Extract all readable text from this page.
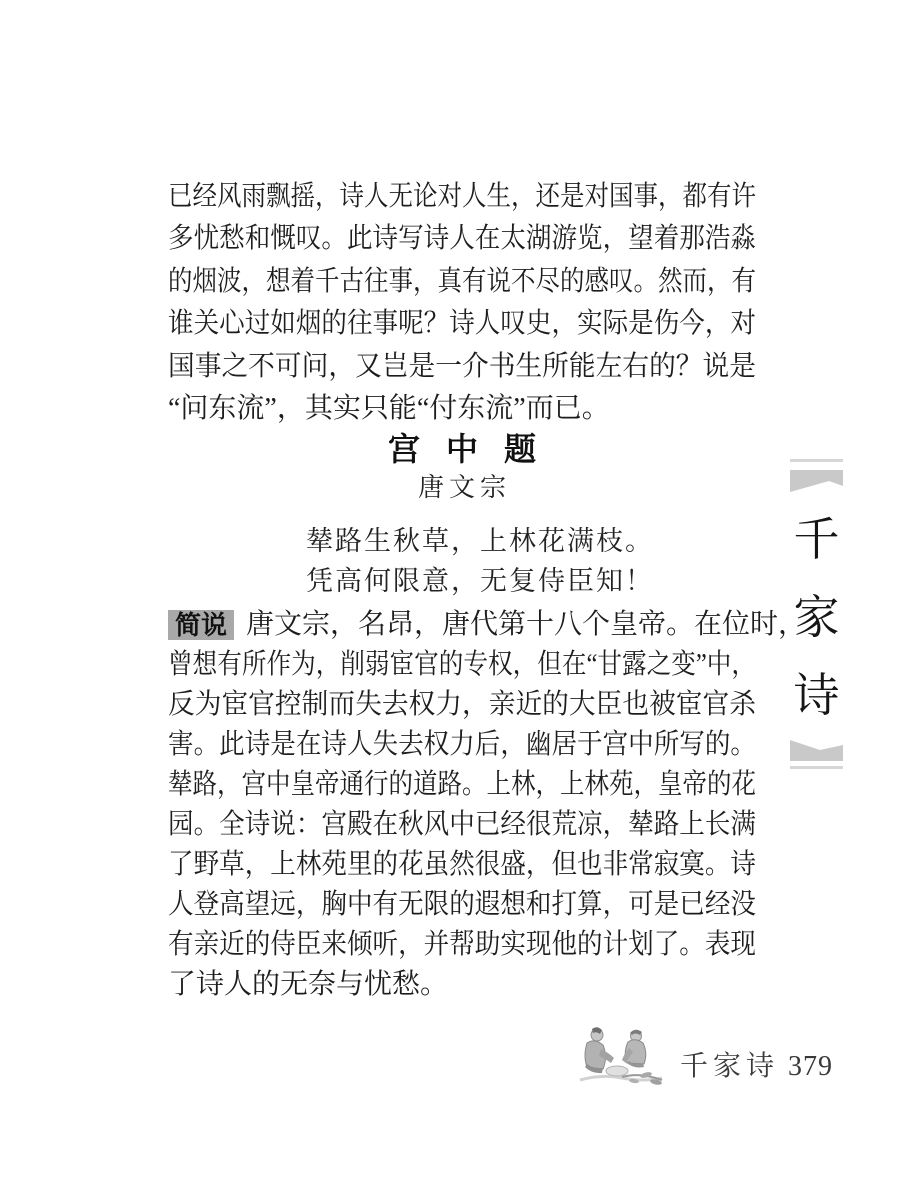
已经风雨飘摇，诗人无论对人生，还是对国事，都有许
多忧愁和慨叹。此诗写诗人在太湖游览，望着那浩淼
的烟波，想着千古往事，真有说不尽的感叹。然而，有
谁关心过如烟的往事呢？诗人叹史，实际是伤今，对
国事之不可问，又岂是一介书生所能左右的？说是
“问东流”，其实只能“付东流”而已。
宫中题
唐文宗
辇路生秋草，上林花满枝。
凭高何限意，无复侍臣知！
简说 唐文宗，名昂，唐代第十八个皇帝。在位时，
曾想有所作为，削弱宦官的专权，但在“甘露之变”中，
反为宦官控制而失去权力，亲近的大臣也被宦官杀
害。此诗是在诗人失去权力后，幽居于宫中所写的。
辇路，宫中皇帝通行的道路。上林，上林苑，皇帝的花
园。全诗说：宫殿在秋风中已经很荒凉，辇路上长满
了野草，上林苑里的花虽然很盛，但也非常寂寞。诗
人登高望远，胸中有无限的遐想和打算，可是已经没
有亲近的侍臣来倾听，并帮助实现他的计划了。表现
了诗人的无奈与忧愁。
千
家
诗
千家诗 379
